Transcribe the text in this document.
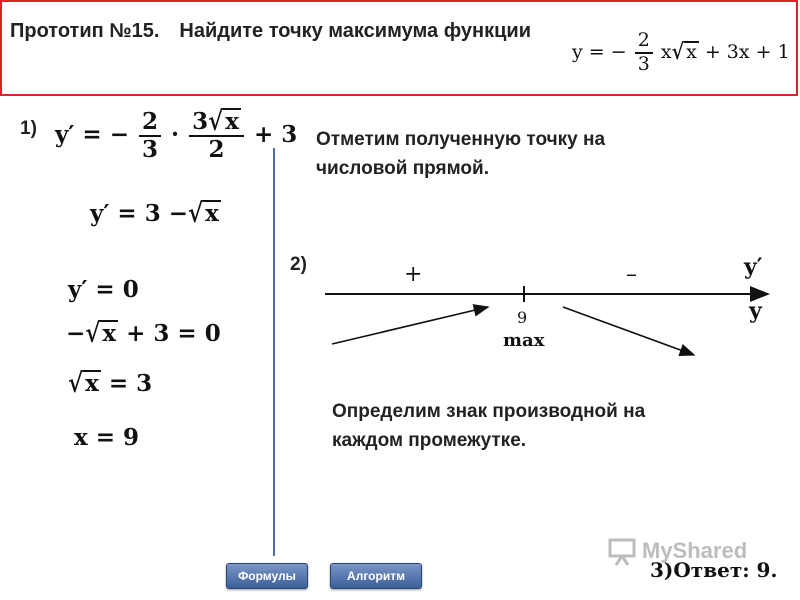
Прототип №15. Найдите точку максимума функции
y = − $\frac{2}{3} x√$ x + 3x + 1
1) y′ = − $\frac{2}{3} \cdot \frac{3√x}{2} + 3$
y′ = 3 −√x
y′ = 0
−√x + 3 = 0
√x = 3
x = 9
Отметим полученную точку на
числовой прямой.
2)	+	–	y′
y
9
max
Определим знак производной на
каждом промежутке.
MyShared
3)Ответ: 9.
Формулы	Алгоритм
